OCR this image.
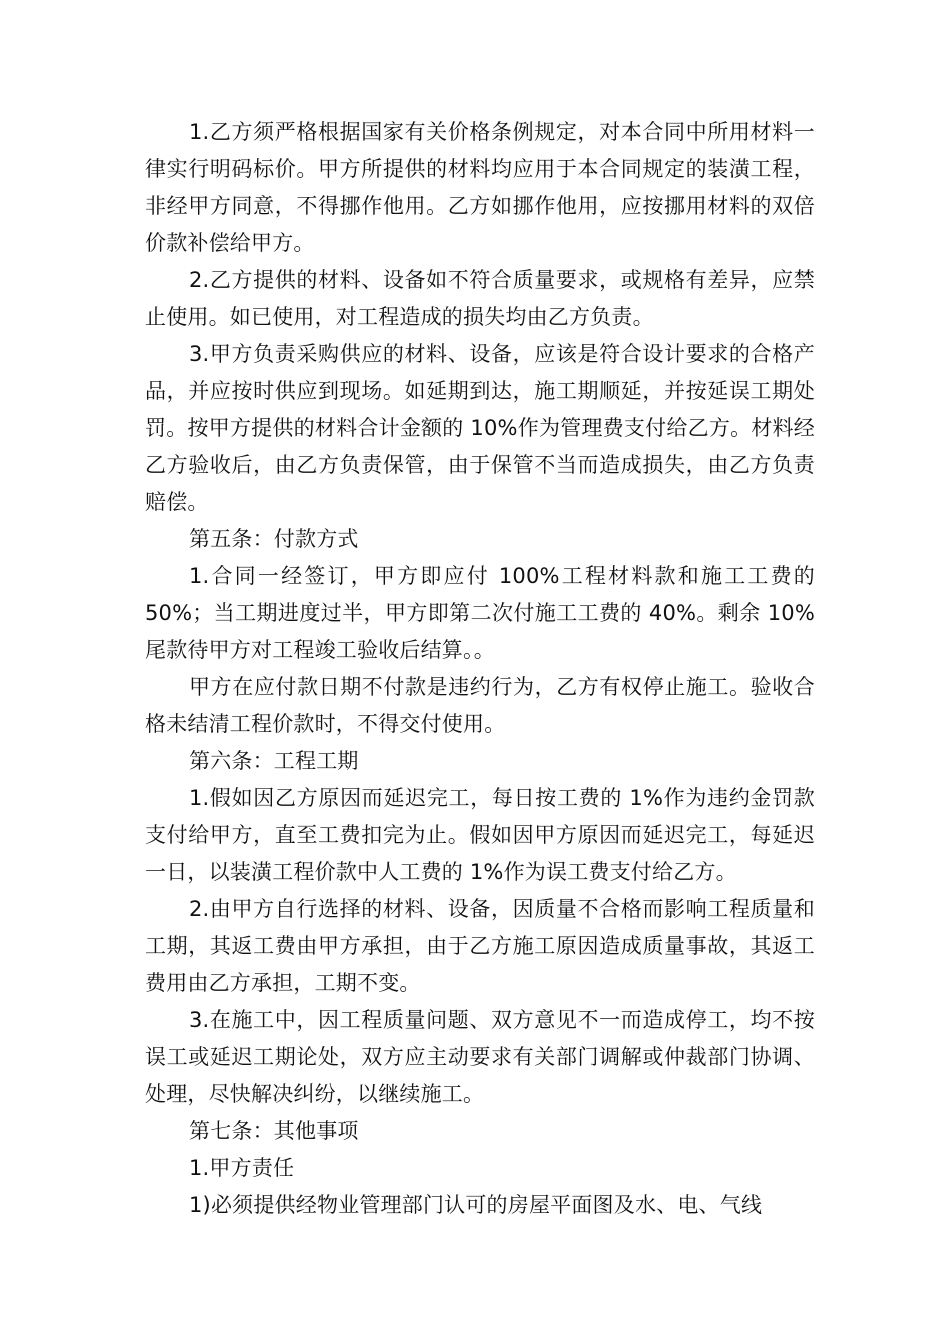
1.乙方须严格根据国家有关价格条例规定，对本合同中所用材料一律实行明码标价。甲方所提供的材料均应用于本合同规定的装潢工程，非经甲方同意，不得挪作他用。乙方如挪作他用，应按挪用材料的双倍价款补偿给甲方。

2.乙方提供的材料、设备如不符合质量要求，或规格有差异，应禁止使用。如已使用，对工程造成的损失均由乙方负责。

3.甲方负责采购供应的材料、设备，应该是符合设计要求的合格产品，并应按时供应到现场。如延期到达，施工期顺延，并按延误工期处罚。按甲方提供的材料合计金额的 10%作为管理费支付给乙方。材料经乙方验收后，由乙方负责保管，由于保管不当而造成损失，由乙方负责赔偿。

第五条：付款方式

1.合同一经签订，甲方即应付 100%工程材料款和施工工费的 50%；当工期进度过半，甲方即第二次付施工工费的 40%。剩余 10%尾款待甲方对工程竣工验收后结算。。

甲方在应付款日期不付款是违约行为，乙方有权停止施工。验收合格未结清工程价款时，不得交付使用。

第六条：工程工期

1.假如因乙方原因而延迟完工，每日按工费的 1%作为违约金罚款支付给甲方，直至工费扣完为止。假如因甲方原因而延迟完工，每延迟一日，以装潢工程价款中人工费的 1%作为误工费支付给乙方。

2.由甲方自行选择的材料、设备，因质量不合格而影响工程质量和工期，其返工费由甲方承担，由于乙方施工原因造成质量事故，其返工费用由乙方承担，工期不变。

3.在施工中，因工程质量问题、双方意见不一而造成停工，均不按误工或延迟工期论处，双方应主动要求有关部门调解或仲裁部门协调、处理，尽快解决纠纷，以继续施工。

第七条：其他事项

1.甲方责任

1)必须提供经物业管理部门认可的房屋平面图及水、电、气线
